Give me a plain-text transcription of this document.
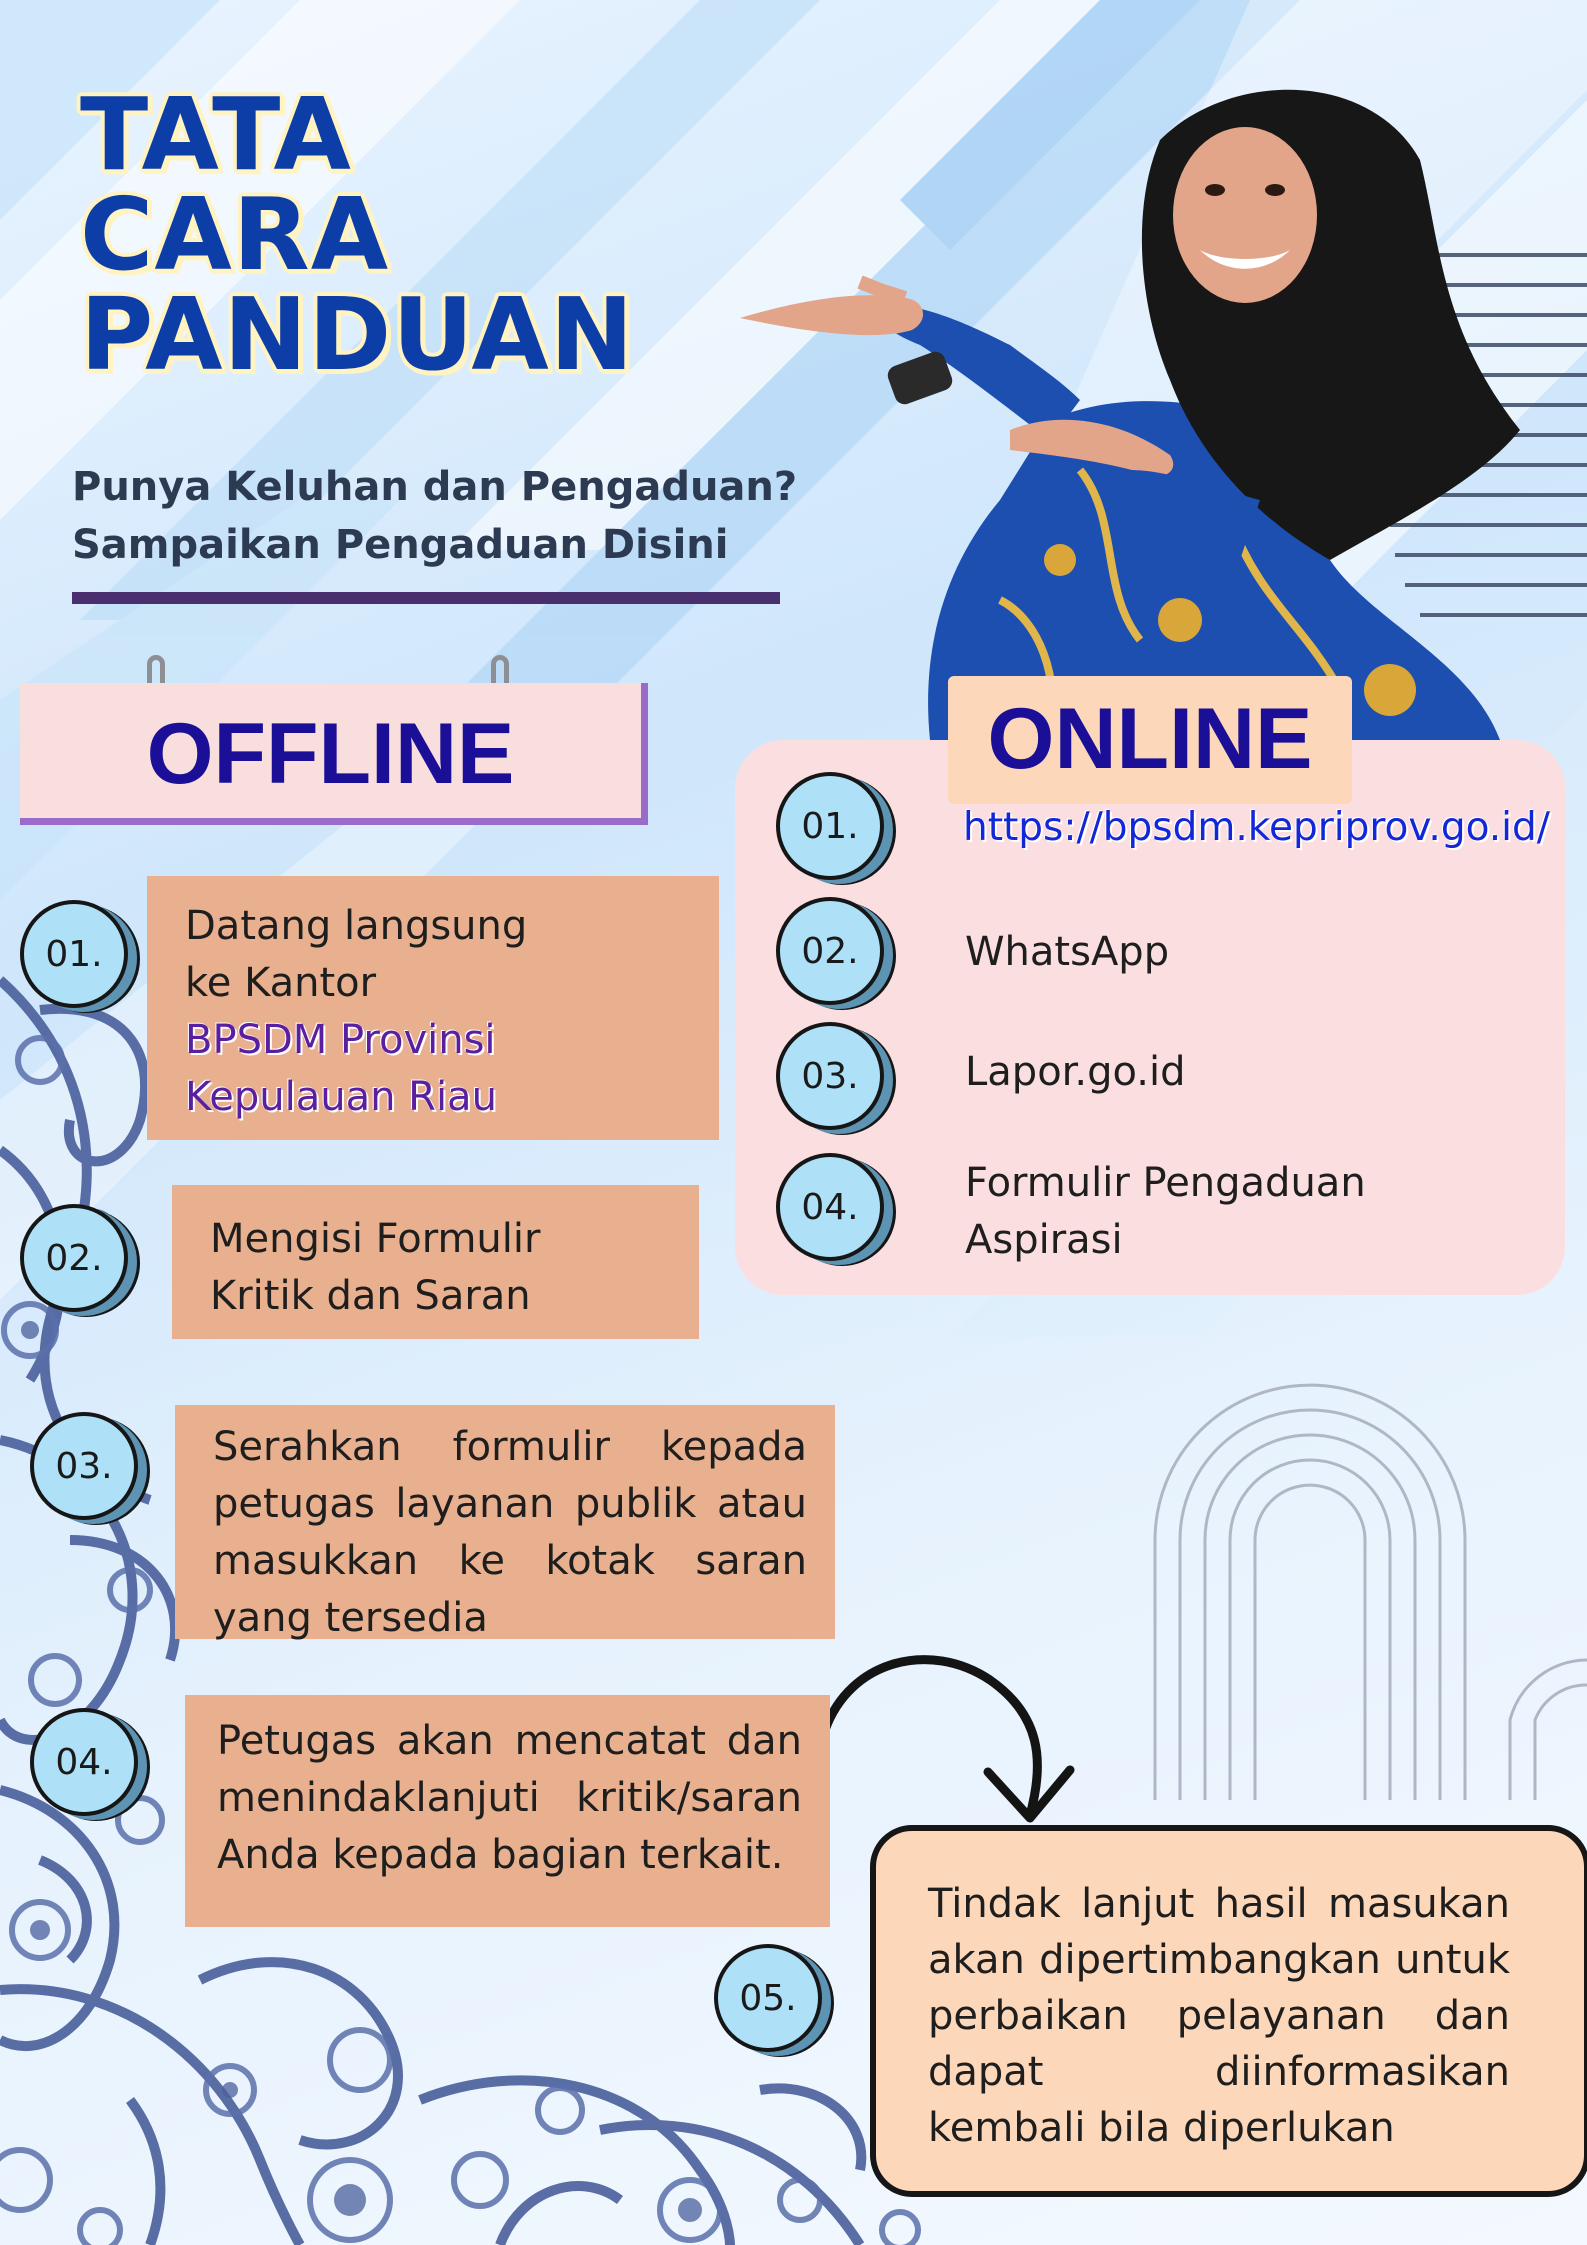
TATA
CARA
PANDUAN
Punya Keluhan dan Pengaduan?
Sampaikan Pengaduan Disini
OFFLINE
Datang langsung ke Kantor
BPSDM Provinsi Kepulauan Riau
01.
Mengisi Formulir Kritik dan Saran
02.
Serahkan formulir kepada petugas layanan publik atau masukkan ke kotak saran yang tersedia
03.
Petugas akan mencatat dan menindaklanjuti kritik/saran Anda kepada bagian terkait.
04.
ONLINE
01.	https://bpsdm.kepriprov.go.id/
02.	WhatsApp
03.	Lapor.go.id
04.
Formulir Pengaduan Aspirasi
Tindak lanjut hasil masukan akan dipertimbangkan untuk perbaikan pelayanan dan dapat diinformasikan kembali bila diperlukan
05.
